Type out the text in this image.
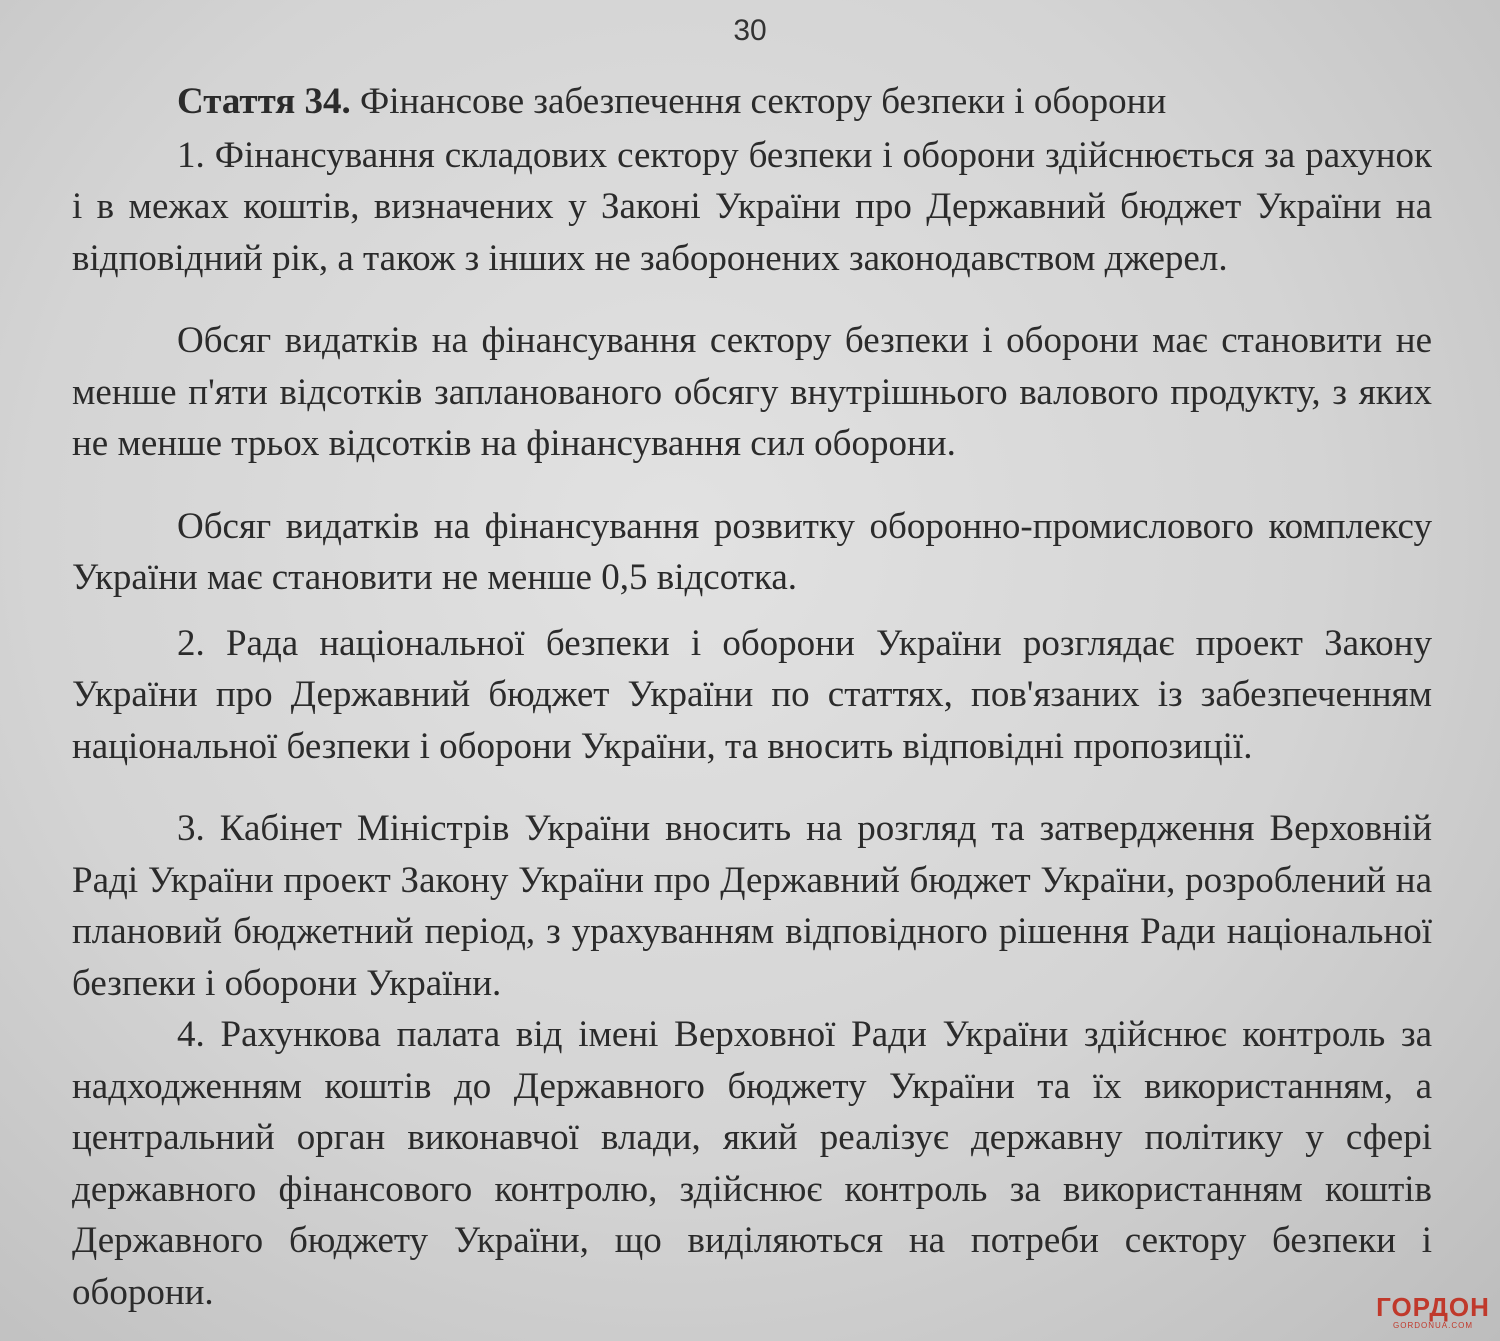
30
Стаття 34. Фінансове забезпечення сектору безпеки і оборони

1. Фінансування складових сектору безпеки і оборони здійснюється за рахунок і в межах коштів, визначених у Законі України про Державний бюджет України на відповідний рік, а також з інших не заборонених законодавством джерел.

Обсяг видатків на фінансування сектору безпеки і оборони має становити не менше п'яти відсотків запланованого обсягу внутрішнього валового продукту, з яких не менше трьох відсотків на фінансування сил оборони.

Обсяг видатків на фінансування розвитку оборонно-промислового комплексу України має становити не менше 0,5 відсотка.

2. Рада національної безпеки і оборони України розглядає проект Закону України про Державний бюджет України по статтях, пов'язаних із забезпеченням національної безпеки і оборони України, та вносить відповідні пропозиції.

3. Кабінет Міністрів України вносить на розгляд та затвердження Верховній Раді України проект Закону України про Державний бюджет України, розроблений на плановий бюджетний період, з урахуванням відповідного рішення Ради національної безпеки і оборони України.

4. Рахункова палата від імені Верховної Ради України здійснює контроль за надходженням коштів до Державного бюджету України та їх використанням, а центральний орган виконавчої влади, який реалізує державну політику у сфері державного фінансового контролю, здійснює контроль за використанням коштів Державного бюджету України, що виділяються на потреби сектору безпеки і оборони.	ГОРДОН
GORDONUA.COM
